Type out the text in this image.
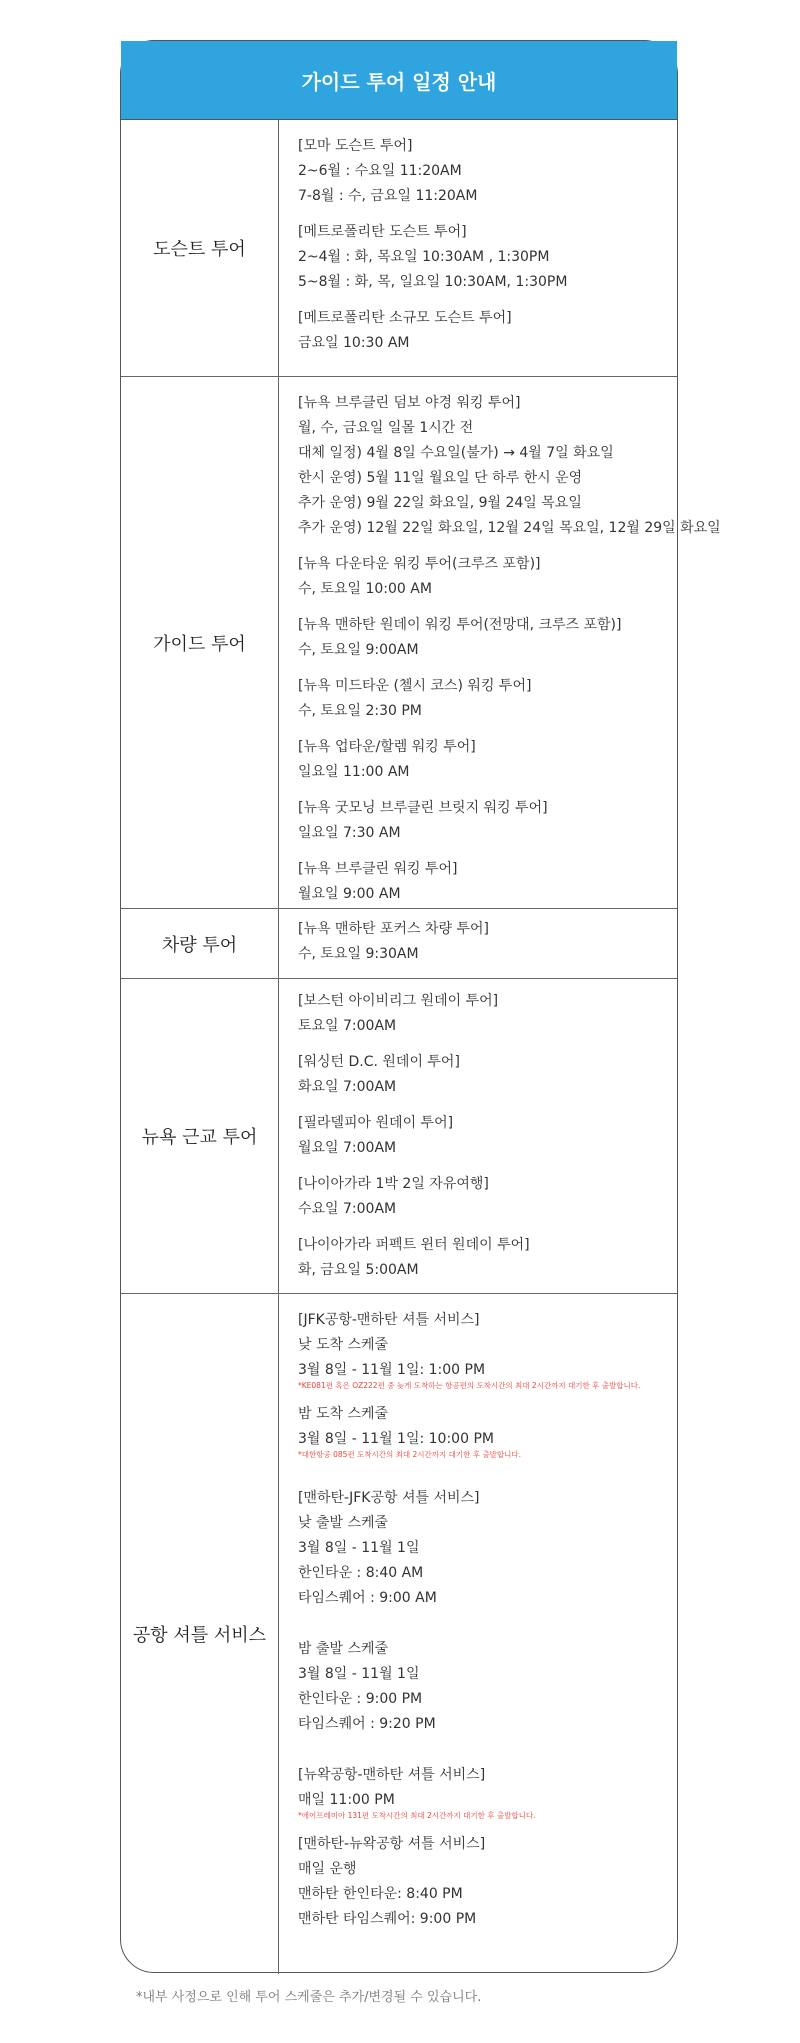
가이드 투어 일정 안내
도슨트 투어
[모마 도슨트 투어]
2~6월 : 수요일 11:20AM
7-8월 : 수, 금요일 11:20AM
[메트로폴리탄 도슨트 투어]
2~4월 : 화, 목요일 10:30AM , 1:30PM
5~8월 : 화, 목, 일요일 10:30AM, 1:30PM
[메트로폴리탄 소규모 도슨트 투어]
금요일 10:30 AM
가이드 투어
[뉴욕 브루클린 덤보 야경 워킹 투어]
월, 수, 금요일 일몰 1시간 전
대체 일정) 4월 8일 수요일(불가) → 4월 7일 화요일
한시 운영) 5월 11일 월요일 단 하루 한시 운영
추가 운영) 9월 22일 화요일, 9월 24일 목요일
추가 운영) 12월 22일 화요일, 12월 24일 목요일, 12월 29일 화요일
[뉴욕 다운타운 워킹 투어(크루즈 포함)]
수, 토요일 10:00 AM
[뉴욕 맨하탄 원데이 워킹 투어(전망대, 크루즈 포함)]
수, 토요일 9:00AM
[뉴욕 미드타운 (첼시 코스) 워킹 투어]
수, 토요일 2:30 PM
[뉴욕 업타운/할렘 워킹 투어]
일요일 11:00 AM
[뉴욕 굿모닝 브루클린 브릿지 워킹 투어]
일요일 7:30 AM
[뉴욕 브루클린 워킹 투어]
월요일 9:00 AM
차량 투어
[뉴욕 맨하탄 포커스 차량 투어]
수, 토요일 9:30AM
뉴욕 근교 투어
[보스턴 아이비리그 원데이 투어]
토요일 7:00AM
[워싱턴 D.C. 원데이 투어]
화요일 7:00AM
[필라델피아 원데이 투어]
월요일 7:00AM
[나이아가라 1박 2일 자유여행]
수요일 7:00AM
[나이아가라 퍼펙트 윈터 원데이 투어]
화, 금요일 5:00AM
공항 셔틀 서비스
[JFK공항-맨하탄 셔틀 서비스]
낮 도착 스케줄
3월 8일 - 11월 1일: 1:00 PM
*KE081편 혹은 OZ222편 중 늦게 도착하는 항공편의 도착시간의 최대 2시간까지 대기한 후 출발합니다.
밤 도착 스케줄
3월 8일 - 11월 1일: 10:00 PM
*대한항공 085편 도착시간의 최대 2시간까지 대기한 후 출발합니다.
[맨하탄-JFK공항 셔틀 서비스]
낮 출발 스케줄
3월 8일 - 11월 1일
한인타운 : 8:40 AM
타임스퀘어 : 9:00 AM
밤 출발 스케줄
3월 8일 - 11월 1일
한인타운 : 9:00 PM
타임스퀘어 : 9:20 PM
[뉴왁공항-맨하탄 셔틀 서비스]
매일 11:00 PM
*에어프레미아 131편 도착시간의 최대 2시간까지 대기한 후 출발합니다.
[맨하탄-뉴왁공항 셔틀 서비스]
매일 운행
맨하탄 한인타운: 8:40 PM
맨하탄 타임스퀘어: 9:00 PM
*내부 사정으로 인해 투어 스케줄은 추가/변경될 수 있습니다.
